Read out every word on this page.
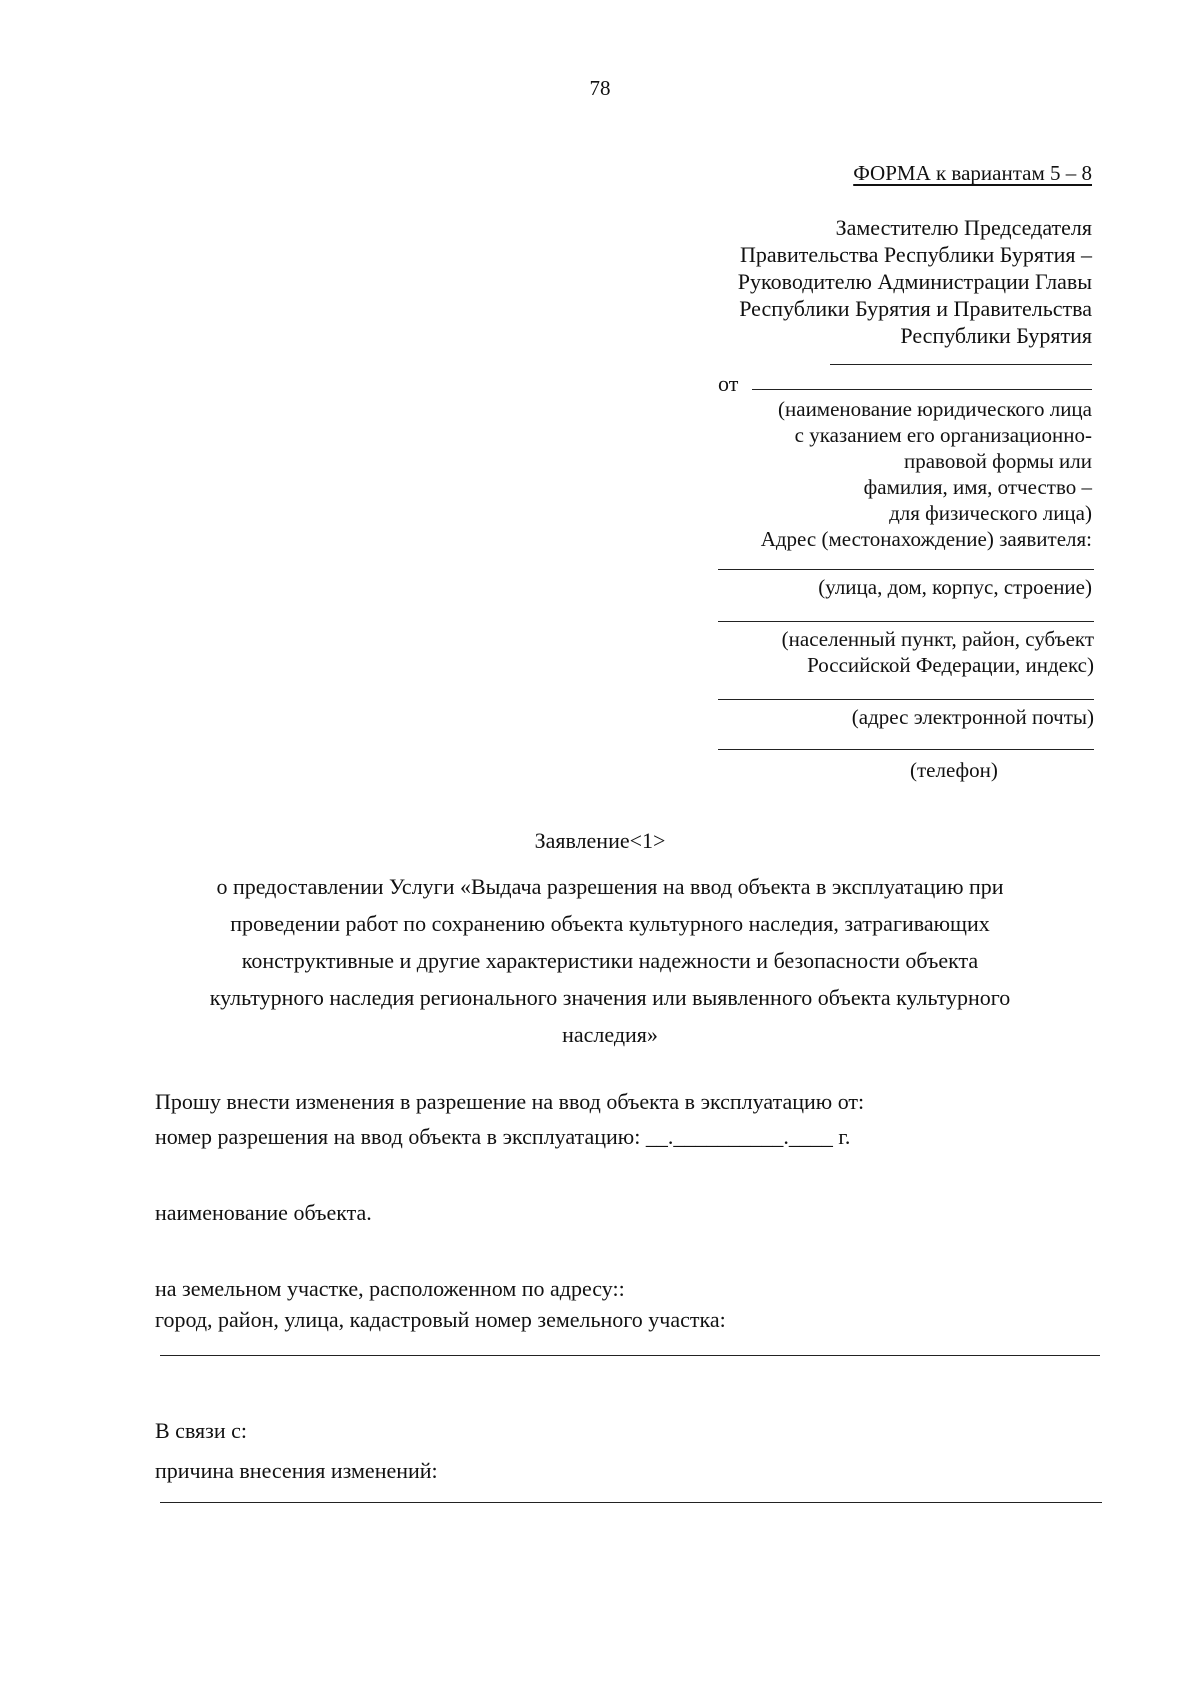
78
ФОРМА к вариантам 5 – 8
Заместителю Председателя
Правительства Республики Бурятия –
Руководителю Администрации Главы
Республики Бурятия и Правительства
Республики Бурятия
от
(наименование юридического лица
с указанием его организационно-
правовой формы или
фамилия, имя, отчество –
для физического лица)
Адрес (местонахождение) заявителя:
(улица, дом, корпус, строение)
(населенный пункт, район, субъект
Российской Федерации, индекс)
(адрес электронной почты)
(телефон)
Заявление<1>
о предоставлении Услуги «Выдача разрешения на ввод объекта в эксплуатацию при
проведении работ по сохранению объекта культурного наследия, затрагивающих
конструктивные и другие характеристики надежности и безопасности объекта
культурного наследия регионального значения или выявленного объекта культурного
наследия»
Прошу внести изменения в разрешение на ввод объекта в эксплуатацию от:
номер разрешения на ввод объекта в эксплуатацию: __.__________.____ г.
наименование объекта.
на земельном участке, расположенном по адресу::
город, район, улица, кадастровый номер земельного участка:
В связи с:
причина внесения изменений:
